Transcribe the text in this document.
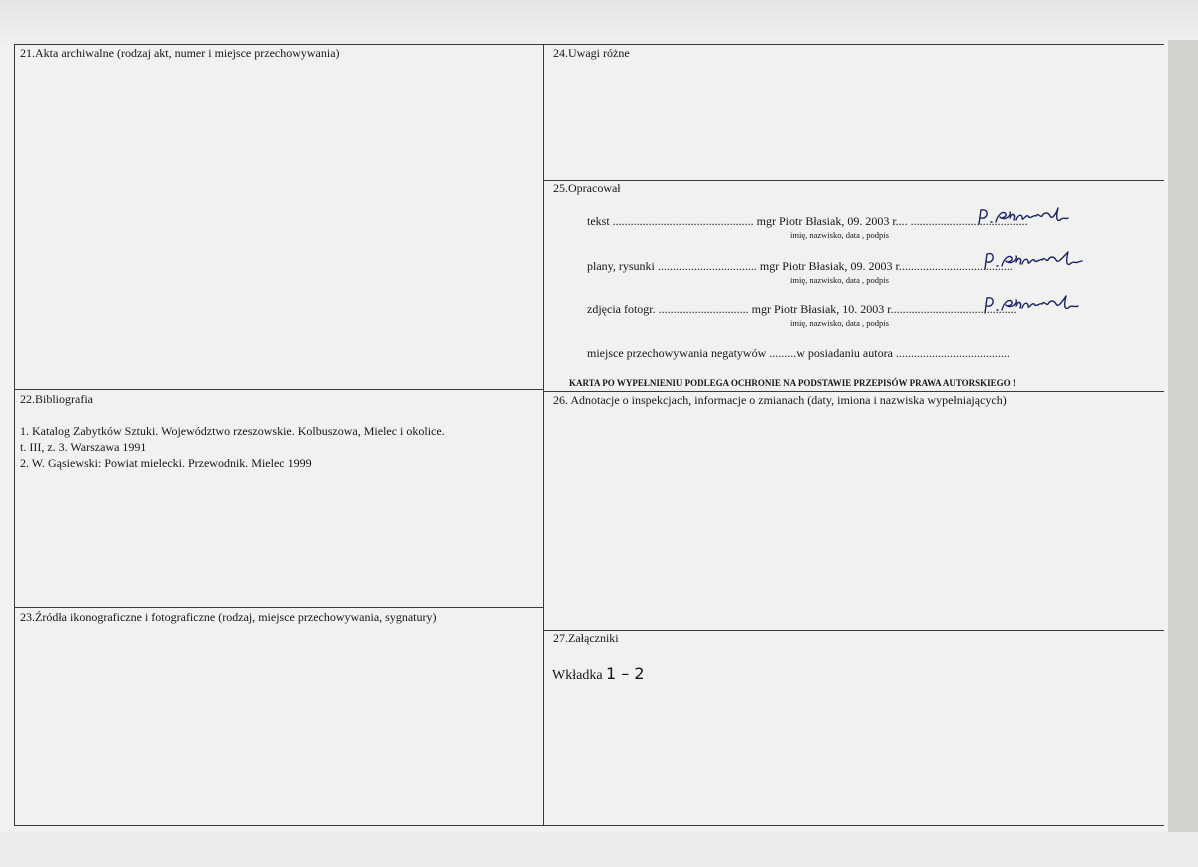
21.Akta archiwalne (rodzaj akt, numer i miejsce przechowywania)	24.Uwagi różne
25.Opracował
tekst ............................................... mgr Piotr Błasiak, 09. 2003 r.... .......................................
imię, nazwisko, data , podpis
plany, rysunki ................................. mgr Piotr Błasiak, 09. 2003 r......................................
imię, nazwisko, data , podpis
zdjęcia fotogr. .............................. mgr Piotr Błasiak, 10. 2003 r..........................................
imię, nazwisko, data , podpis
miejsce przechowywania negatywów .........w posiadaniu autora ......................................
KARTA PO WYPEŁNIENIU PODLEGA OCHRONIE NA PODSTAWIE PRZEPISÓW PRAWA AUTORSKIEGO !
22.Bibliografia
1. Katalog Zabytków Sztuki. Województwo rzeszowskie. Kolbuszowa, Mielec i okolice.
t. III, z. 3. Warszawa 1991
2. W. Gąsiewski: Powiat mielecki. Przewodnik. Mielec 1999
26. Adnotacje o inspekcjach, informacje o zmianach (daty, imiona i nazwiska wypełniających)
23.Źródła ikonograficzne i fotograficzne (rodzaj, miejsce przechowywania, sygnatury)
27.Załączniki
Wkładka 1 – 2
